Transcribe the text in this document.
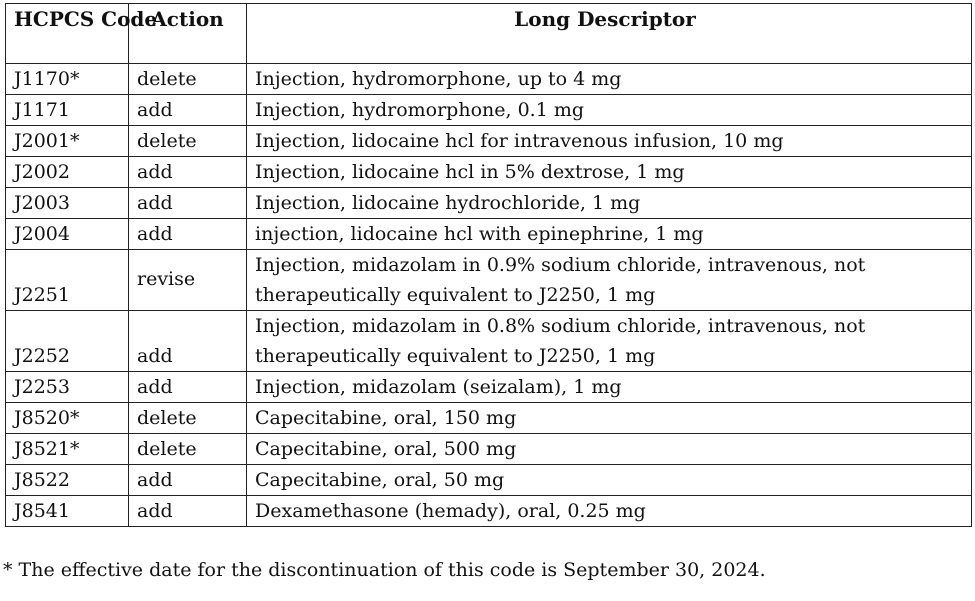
HCPCS Code	Action	Long Descriptor
J1170*	delete	Injection, hydromorphone, up to 4 mg
J1171	add	Injection, hydromorphone, 0.1 mg
J2001*	delete	Injection, lidocaine hcl for intravenous infusion, 10 mg
J2002	add	Injection, lidocaine hcl in 5% dextrose, 1 mg
J2003	add	Injection, lidocaine hydrochloride, 1 mg
J2004	add	injection, lidocaine hcl with epinephrine, 1 mg
J2251	revise	Injection, midazolam in 0.9% sodium chloride, intravenous, not therapeutically equivalent to J2250, 1 mg
J2252	add	Injection, midazolam in 0.8% sodium chloride, intravenous, not therapeutically equivalent to J2250, 1 mg
J2253	add	Injection, midazolam (seizalam), 1 mg
J8520*	delete	Capecitabine, oral, 150 mg
J8521*	delete	Capecitabine, oral, 500 mg
J8522	add	Capecitabine, oral, 50 mg
J8541	add	Dexamethasone (hemady), oral, 0.25 mg
* The effective date for the discontinuation of this code is September 30, 2024.
